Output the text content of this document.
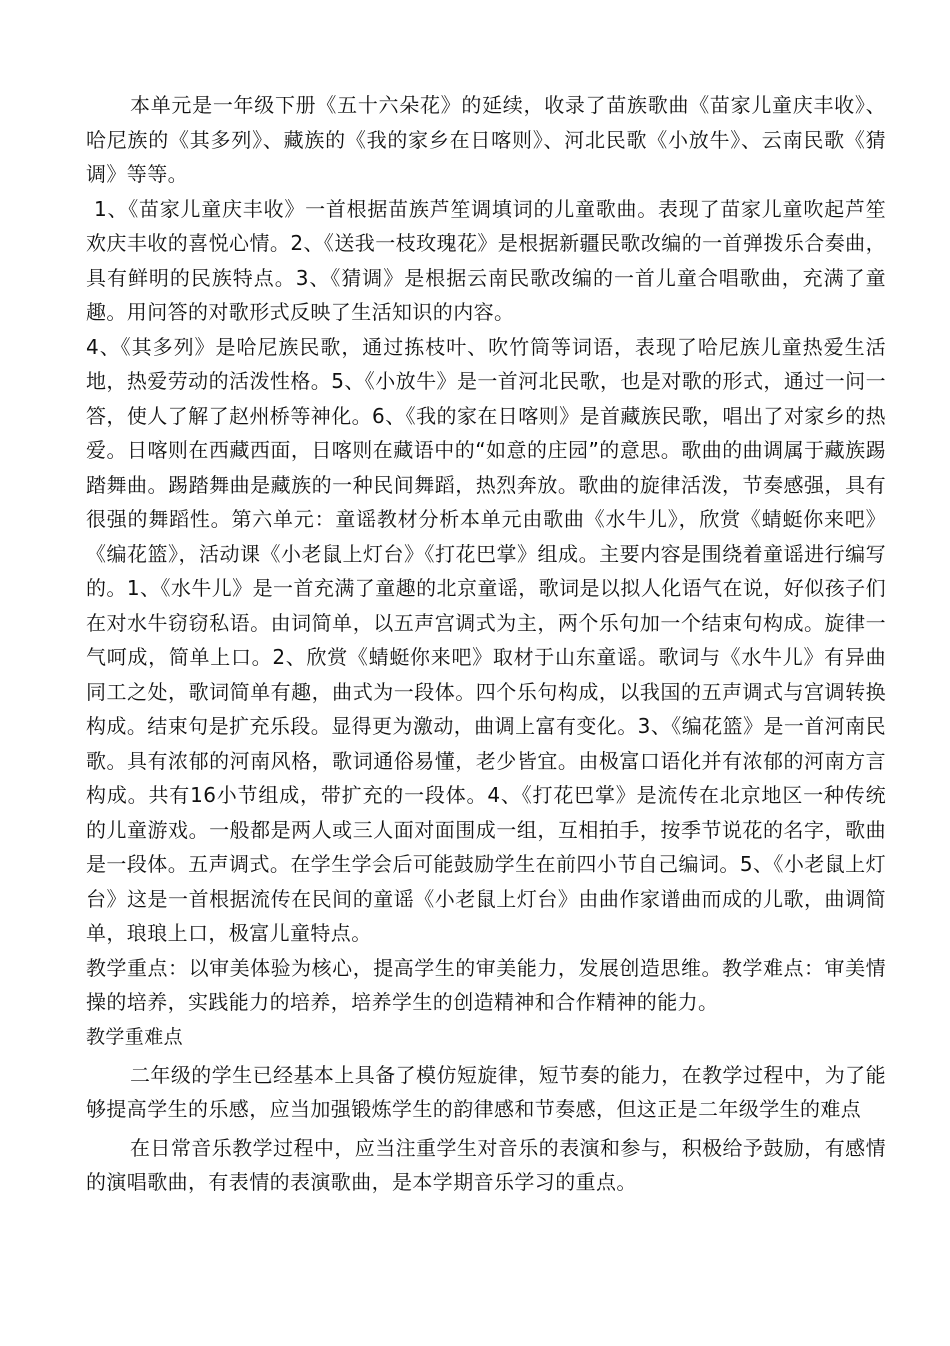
本单元是一年级下册《五十六朵花》的延续，收录了苗族歌曲《苗家儿童庆丰收》、哈尼族的《其多列》、藏族的《我的家乡在日喀则》、河北民歌《小放牛》、云南民歌《猜调》等等。

1、《苗家儿童庆丰收》一首根据苗族芦笙调填词的儿童歌曲。表现了苗家儿童吹起芦笙欢庆丰收的喜悦心情。2、《送我一枝玫瑰花》是根据新疆民歌改编的一首弹拨乐合奏曲，具有鲜明的民族特点。3、《猜调》是根据云南民歌改编的一首儿童合唱歌曲，充满了童趣。用问答的对歌形式反映了生活知识的内容。

4、《其多列》是哈尼族民歌，通过拣枝叶、吹竹筒等词语，表现了哈尼族儿童热爱生活地，热爱劳动的活泼性格。5、《小放牛》是一首河北民歌，也是对歌的形式，通过一问一答，使人了解了赵州桥等神化。6、《我的家在日喀则》是首藏族民歌，唱出了对家乡的热爱。日喀则在西藏西面，日喀则在藏语中的“如意的庄园”的意思。歌曲的曲调属于藏族踢踏舞曲。踢踏舞曲是藏族的一种民间舞蹈，热烈奔放。歌曲的旋律活泼，节奏感强，具有很强的舞蹈性。第六单元：童谣教材分析本单元由歌曲《水牛儿》，欣赏《蜻蜓你来吧》《编花篮》，活动课《小老鼠上灯台》《打花巴掌》组成。主要内容是围绕着童谣进行编写的。1、《水牛儿》是一首充满了童趣的北京童谣，歌词是以拟人化语气在说，好似孩子们在对水牛窃窃私语。由词简单，以五声宫调式为主，两个乐句加一个结束句构成。旋律一气呵成，简单上口。2、欣赏《蜻蜓你来吧》取材于山东童谣。歌词与《水牛儿》有异曲同工之处，歌词简单有趣，曲式为一段体。四个乐句构成，以我国的五声调式与宫调转换构成。结束句是扩充乐段。显得更为激动，曲调上富有变化。3、《编花篮》是一首河南民歌。具有浓郁的河南风格，歌词通俗易懂，老少皆宜。由极富口语化并有浓郁的河南方言构成。共有16小节组成，带扩充的一段体。4、《打花巴掌》是流传在北京地区一种传统的儿童游戏。一般都是两人或三人面对面围成一组，互相拍手，按季节说花的名字，歌曲是一段体。五声调式。在学生学会后可能鼓励学生在前四小节自己编词。5、《小老鼠上灯台》这是一首根据流传在民间的童谣《小老鼠上灯台》由曲作家谱曲而成的儿歌，曲调简单，琅琅上口，极富儿童特点。

教学重点：以审美体验为核心，提高学生的审美能力，发展创造思维。教学难点：审美情操的培养，实践能力的培养，培养学生的创造精神和合作精神的能力。

教学重难点

二年级的学生已经基本上具备了模仿短旋律，短节奏的能力，在教学过程中，为了能够提高学生的乐感，应当加强锻炼学生的韵律感和节奏感，但这正是二年级学生的难点

在日常音乐教学过程中，应当注重学生对音乐的表演和参与，积极给予鼓励，有感情的演唱歌曲，有表情的表演歌曲，是本学期音乐学习的重点。
